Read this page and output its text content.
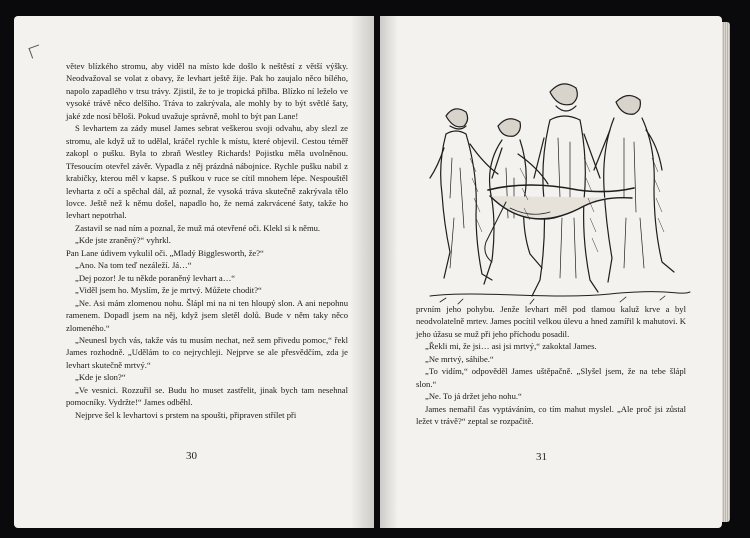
větev blízkého stromu, aby viděl na místo kde došlo k neštěstí z větší výšky. Neodvažoval se volat z obavy, že levhart ještě žije. Pak ho zaujalo něco bílého, napolo zapadlého v trsu trávy. Zjistil, že to je tropická přilba. Blízko ní leželo ve vysoké trávě něco delšího. Tráva to zakrývala, ale mohly by to být světlé šaty, jaké zde nosí běloši. Pokud uvažuje správně, mohl to být pan Lane!

S levhartem za zády musel James sebrat veškerou svoji odvahu, aby slezl ze stromu, ale když už to udělal, kráčel rychle k místu, které objevil. Cestou téměř zakopl o pušku. Byla to zbraň Westley Richards! Pojistku měla uvolněnou. Třesoucím otevřel závěr. Vypadla z něj prázdná nábojnice. Rychle pušku nabil z krabičky, kterou měl v kapse. S puškou v ruce se cítil mnohem lépe. Nespouštěl levharta z očí a spěchal dál, až poznal, že vysoká tráva skutečně zakrývala tělo lovce. Ještě než k němu došel, napadlo ho, že nemá zakrvácené šaty, takže ho levhart nepotrhal.

Zastavil se nad ním a poznal, že muž má otevřené oči. Klekl si k němu.

„Kde jste zraněný?“ vyhrkl.

Pan Lane údivem vykulil oči. „Mladý Bigglesworth, že?“

„Ano. Na tom teď nezáleží. Já…“

„Dej pozor! Je tu někde poraněný levhart a…“

„Viděl jsem ho. Myslím, že je mrtvý. Můžete chodit?“

„Ne. Asi mám zlomenou nohu. Šlápl mi na ni ten hloupý slon. A ani nepohnu ramenem. Dopadl jsem na něj, když jsem sletěl dolů. Bude v něm taky něco zlomeného.“

„Neunesl bych vás, takže vás tu musím nechat, než sem přivedu pomoc,“ řekl James rozhodně. „Udělám to co nejrychleji. Nejprve se ale přesvědčím, zda je levhart skutečně mrtvý.“

„Kde je slon?“

„Ve vesnici. Rozzuřil se. Budu ho muset zastřelit, jinak bych tam nesehnal pomocníky. Vydržte!“ James odběhl.

Nejprve šel k levhartovi s prstem na spoušti, připraven střílet při

30

prvním jeho pohybu. Jenže levhart měl pod tlamou kaluž krve a byl neodvolatelně mrtev. James pocítil velkou úlevu a hned zamířil k mahutovi. K jeho úžasu se muž při jeho příchodu posadil.

„Řekli mi, že jsi… asi jsi mrtvý,“ zakoktal James.

„Ne mrtvý, sáhibe.“

„To vidím,“ odpověděl James uštěpačně. „Slyšel jsem, že na tebe šlápl slon.“

„Ne. To já držet jeho nohu.“

James nemařil čas vyptáváním, co tím mahut myslel. „Ale proč jsi zůstal ležet v trávě?“ zeptal se rozpačitě.

31
